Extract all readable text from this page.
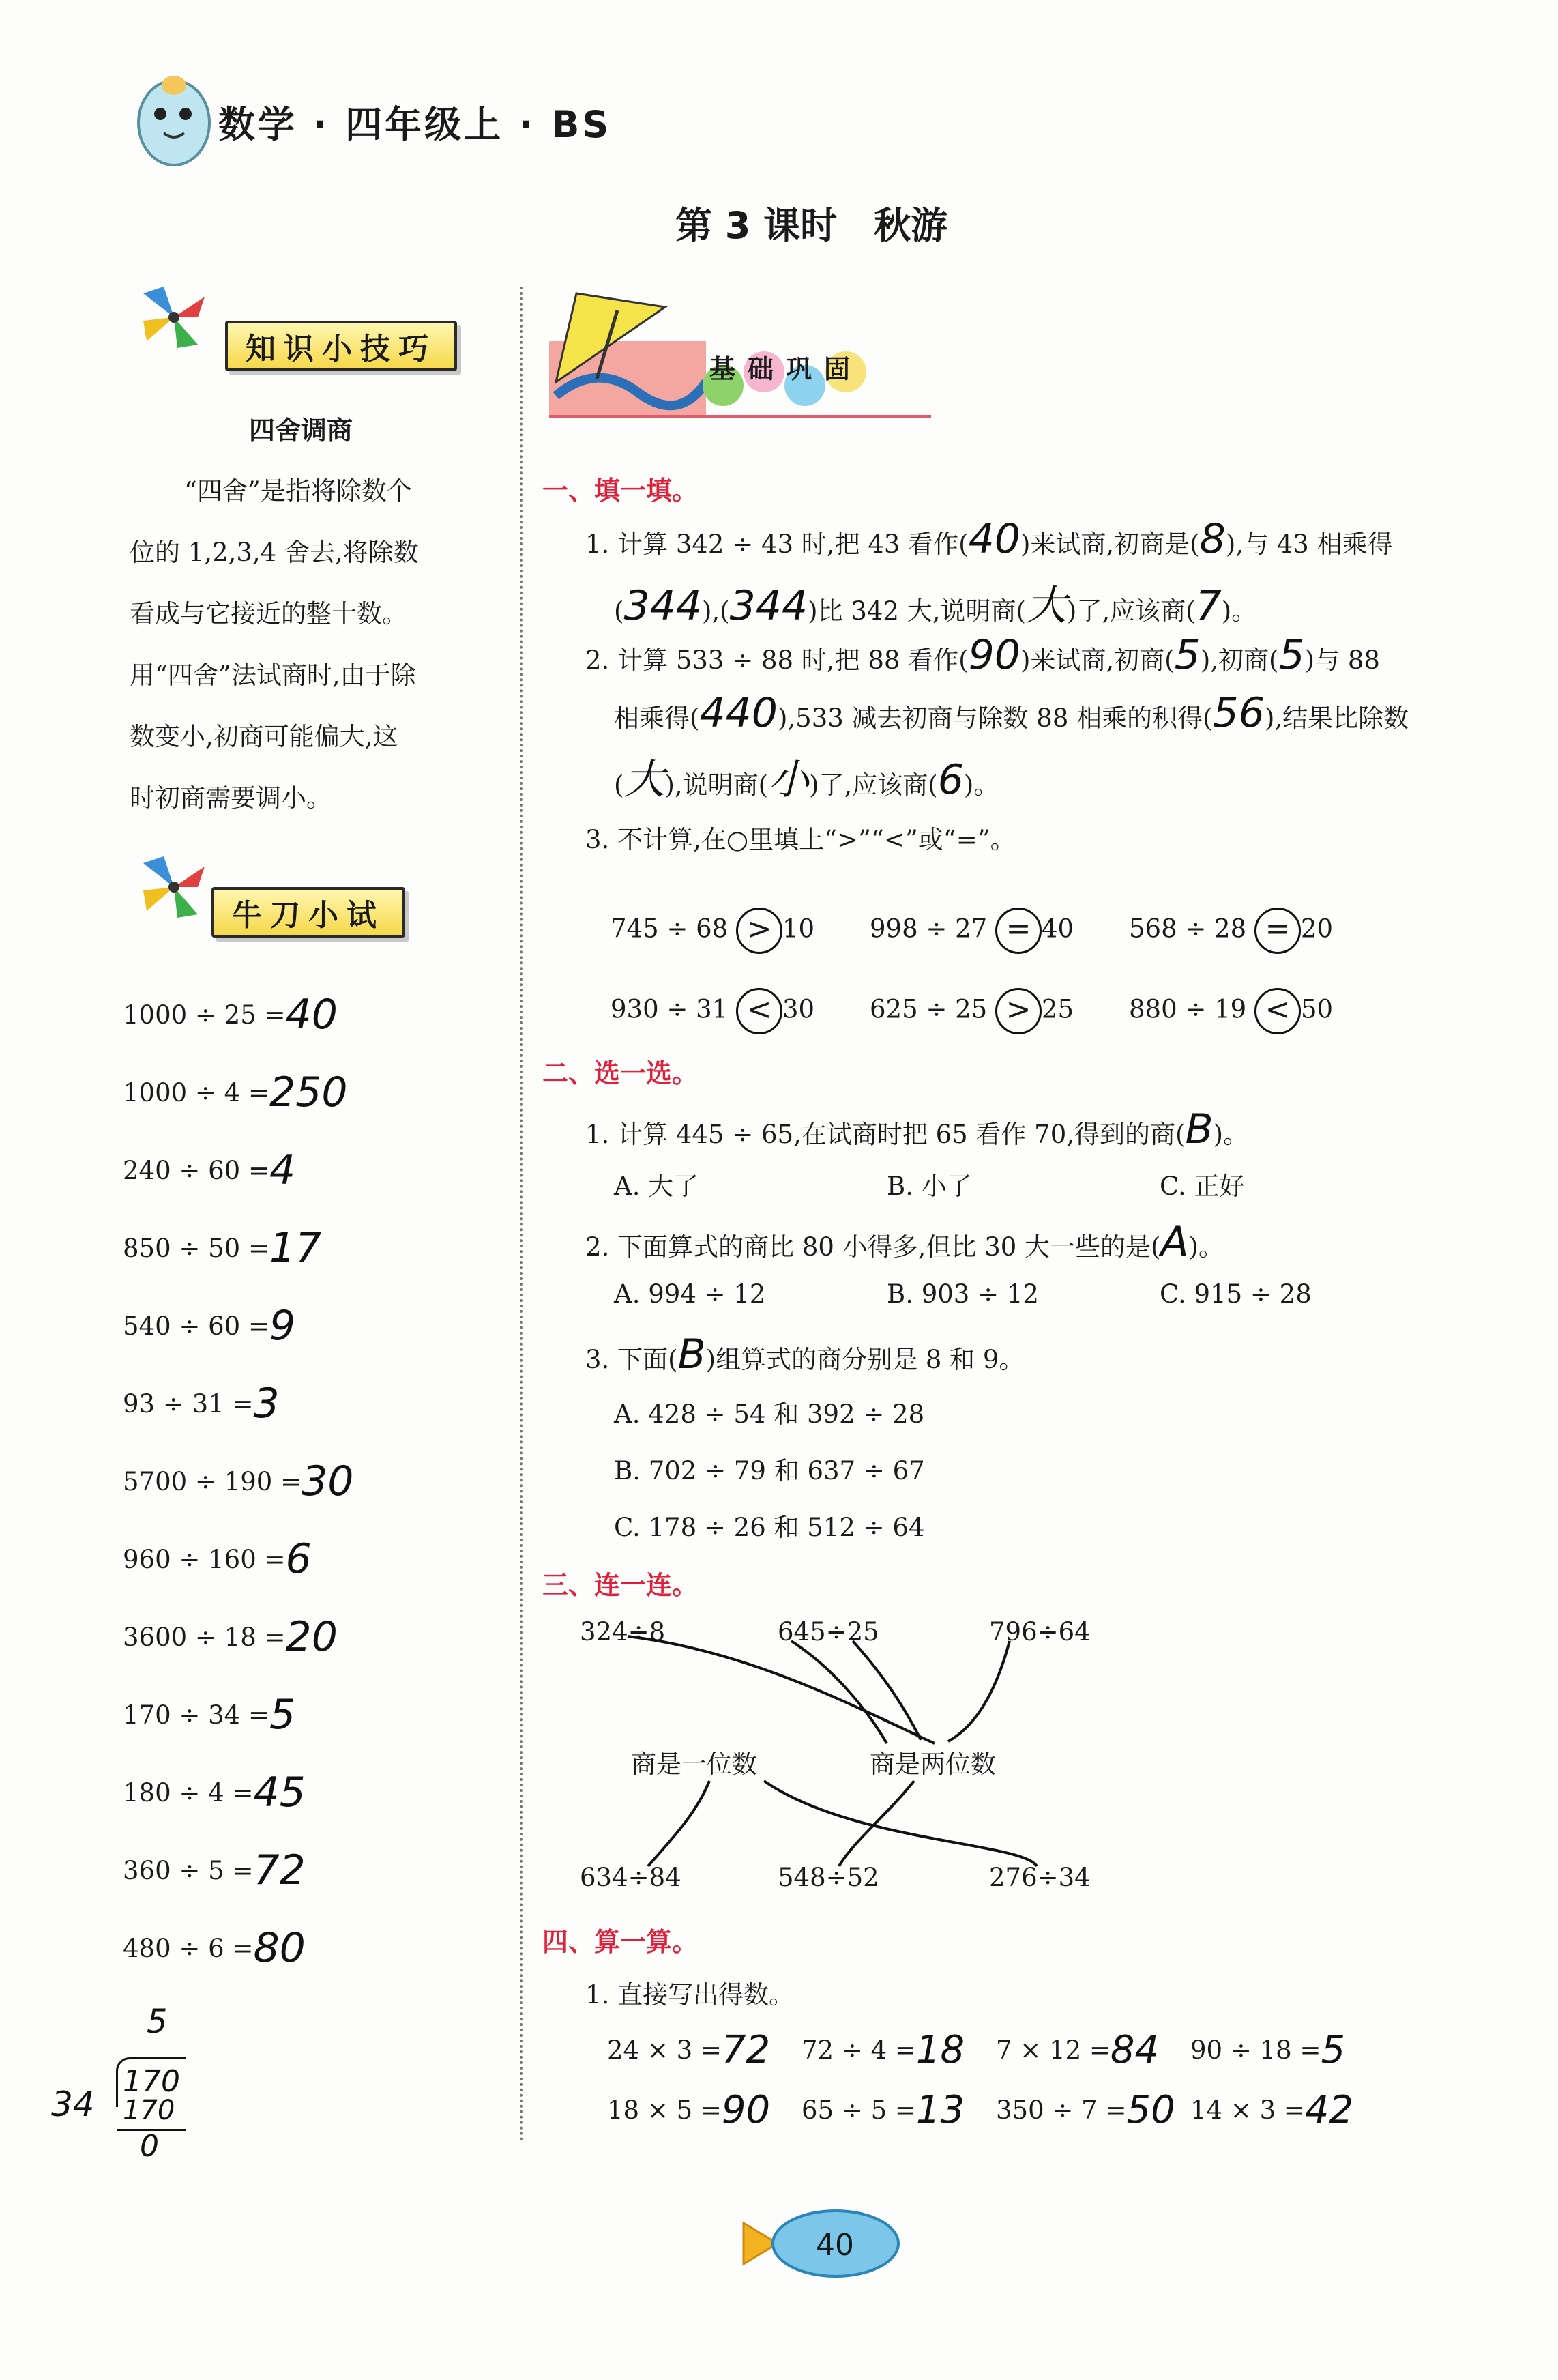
数学 · 四年级上 · BS
第 3 课时　秋游
知识小技巧
四舍调商
“四舍”是指将除数个
位的 1,2,3,4 舍去,将除数
看成与它接近的整十数。
用“四舍”法试商时,由于除
数变小,初商可能偏大,这
时初商需要调小。
牛刀小试
1000 ÷ 25 = 40
1000 ÷ 4 = 250
240 ÷ 60 = 4
850 ÷ 50 = 17
540 ÷ 60 = 9
93 ÷ 31 = 3
5700 ÷ 190 = 30
960 ÷ 160 = 6
3600 ÷ 18 = 20
170 ÷ 34 = 5
180 ÷ 4 = 45
360 ÷ 5 = 72
480 ÷ 6 = 80
5
34
170
170
0
基础巩固
一、填一填。
1. 计算 342 ÷ 43 时,把 43 看作(40)来试商,初商是(8),与 43 相乘得
(344),(344)比 342 大,说明商(大)了,应该商(7)。
2. 计算 533 ÷ 88 时,把 88 看作(90)来试商,初商(5),初商(5)与 88
相乘得(440),533 减去初商与除数 88 相乘的积得(56),结果比除数
(大),说明商(小)了,应该商(6)。
3. 不计算,在○里填上“>”“<”或“=”。
745 ÷ 68 > 10	998 ÷ 27 = 40	568 ÷ 28 = 20
930 ÷ 31 < 30	625 ÷ 25 > 25	880 ÷ 19 < 50
二、选一选。
1. 计算 445 ÷ 65,在试商时把 65 看作 70,得到的商(B)。
A. 大了	B. 小了	C. 正好
2. 下面算式的商比 80 小得多,但比 30 大一些的是(A)。
A. 994 ÷ 12	B. 903 ÷ 12	C. 915 ÷ 28
3. 下面(B)组算式的商分别是 8 和 9。
A. 428 ÷ 54 和 392 ÷ 28
B. 702 ÷ 79 和 637 ÷ 67
C. 178 ÷ 26 和 512 ÷ 64
三、连一连。
324÷8	645÷25	796÷64
商是一位数	商是两位数
634÷84	548÷52	276÷34
四、算一算。
1. 直接写出得数。
24 × 3 = 72 72 ÷ 4 = 18 7 × 12 = 84 90 ÷ 18 = 5
18 × 5 = 90 65 ÷ 5 = 13 350 ÷ 7 = 50 14 × 3 = 42
40
